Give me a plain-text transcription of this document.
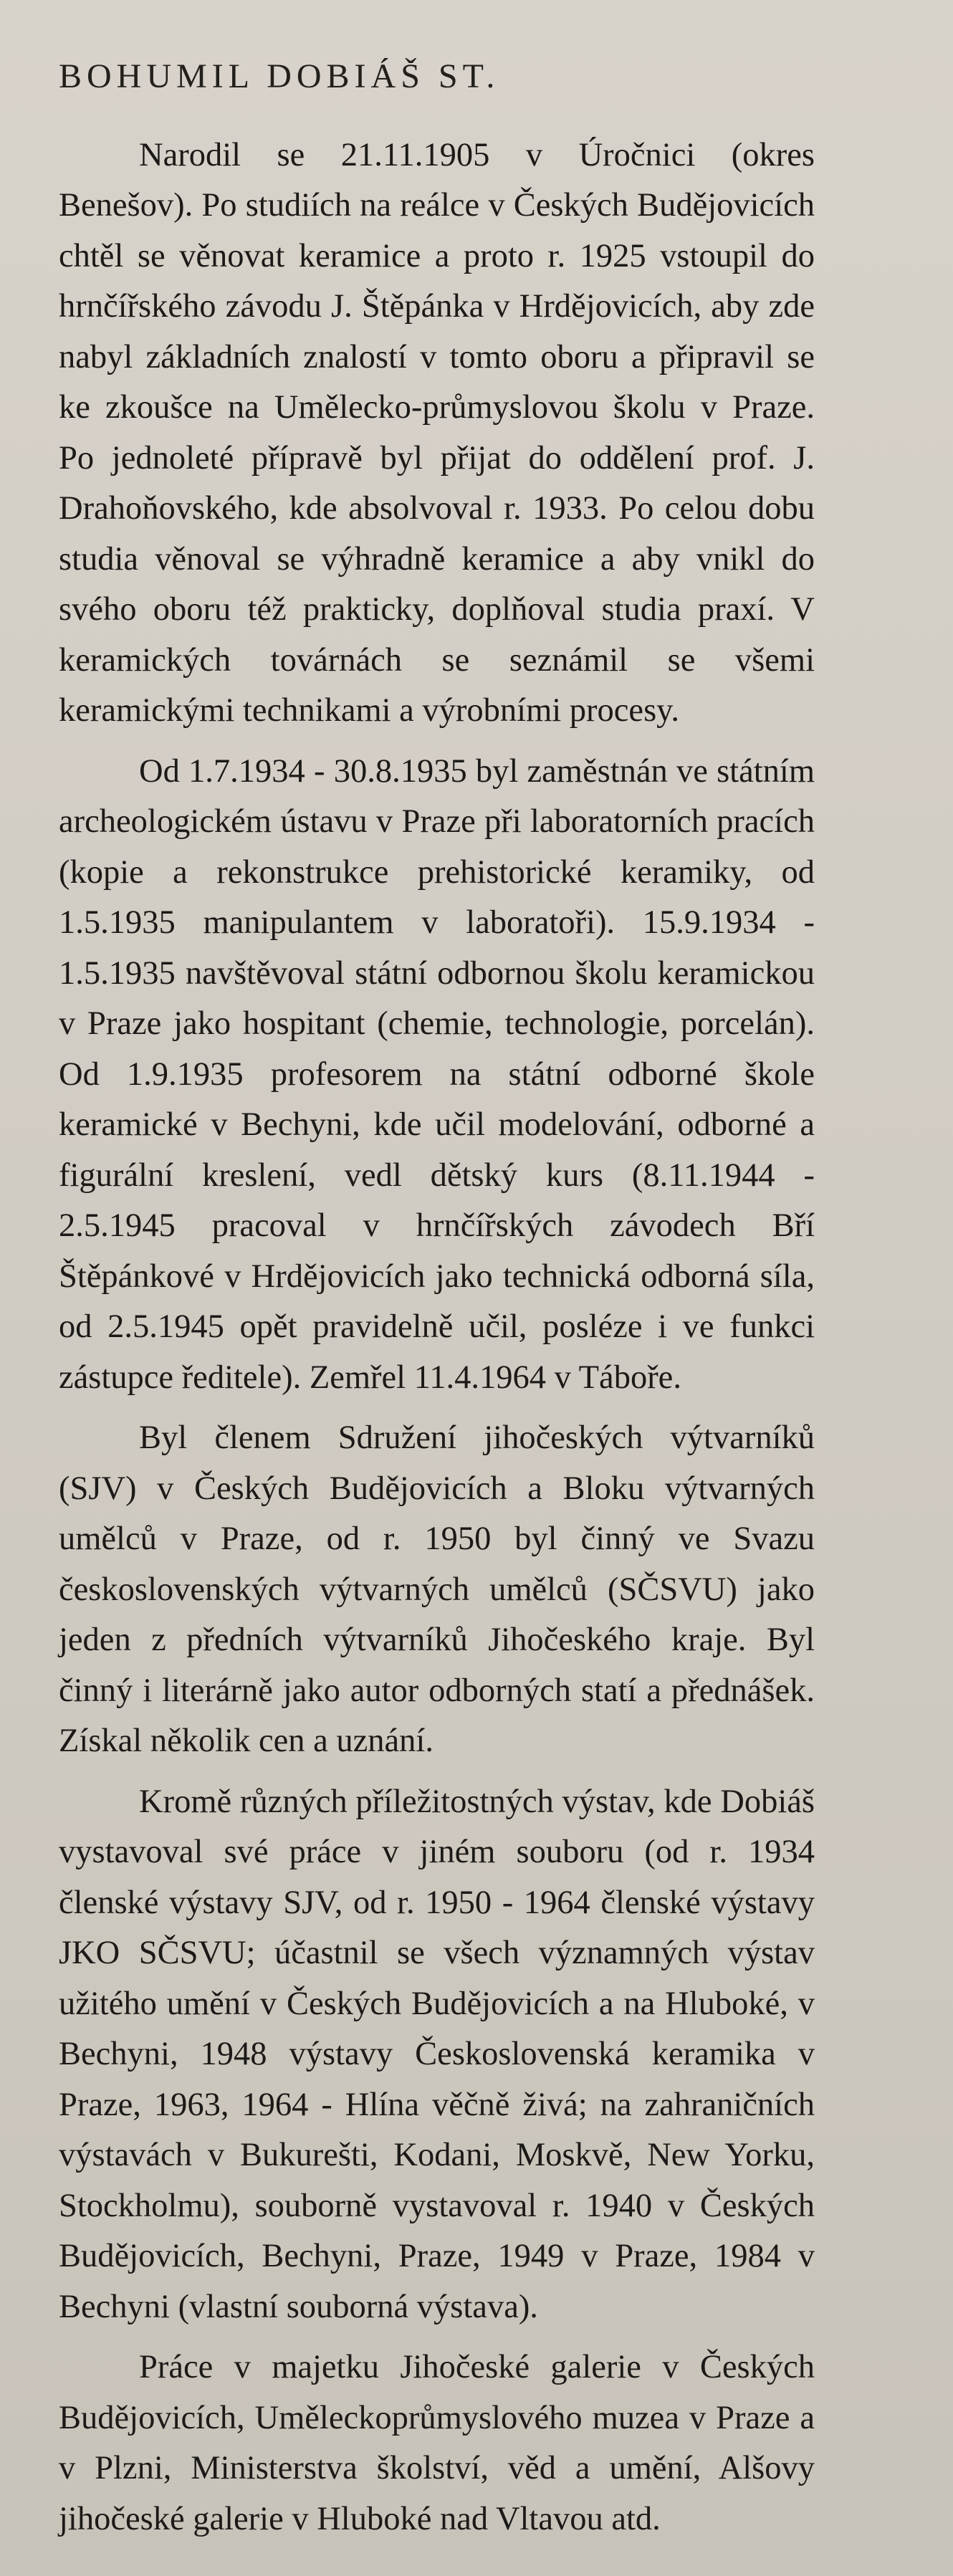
BOHUMIL DOBIÁŠ ST.

Narodil se 21.11.1905 v Úročnici (okres Benešov). Po studiích na reálce v Českých Budějovicích chtěl se věnovat keramice a proto r. 1925 vstoupil do hrnčířského závodu J. Štěpánka v Hrdějovicích, aby zde nabyl základních znalostí v tomto oboru a připravil se ke zkoušce na Umělecko-průmyslovou školu v Praze. Po jednoleté přípravě byl přijat do oddělení prof. J. Drahoňovského, kde absolvoval r. 1933. Po celou dobu studia věnoval se výhradně keramice a aby vnikl do svého oboru též prakticky, doplňoval studia praxí. V keramických továrnách se seznámil se všemi keramickými technikami a výrobními procesy.

Od 1.7.1934 - 30.8.1935 byl zaměstnán ve státním archeologickém ústavu v Praze při laboratorních pracích (kopie a rekonstrukce prehistorické keramiky, od 1.5.1935 manipulantem v laboratoři). 15.9.1934 - 1.5.1935 navštěvoval státní odbornou školu keramickou v Praze jako hospitant (chemie, technologie, porcelán). Od 1.9.1935 profesorem na státní odborné škole keramické v Bechyni, kde učil modelování, odborné a figurální kreslení, vedl dětský kurs (8.11.1944 - 2.5.1945 pracoval v hrnčířských závodech Bří Štěpánkové v Hrdějovicích jako technická odborná síla, od 2.5.1945 opět pravidelně učil, posléze i ve funkci zástupce ředitele). Zemřel 11.4.1964 v Táboře.

Byl členem Sdružení jihočeských výtvarníků (SJV) v Českých Budějovicích a Bloku výtvarných umělců v Praze, od r. 1950 byl činný ve Svazu československých výtvarných umělců (SČSVU) jako jeden z předních výtvarníků Jihočeského kraje. Byl činný i literárně jako autor odborných statí a přednášek. Získal několik cen a uznání.

Kromě různých příležitostných výstav, kde Dobiáš vystavoval své práce v jiném souboru (od r. 1934 členské výstavy SJV, od r. 1950 - 1964 členské výstavy JKO SČSVU; účastnil se všech významných výstav užitého umění v Českých Budějovicích a na Hluboké, v Bechyni, 1948 výstavy Československá keramika v Praze, 1963, 1964 - Hlína věčně živá; na zahraničních výstavách v Bukurešti, Kodani, Moskvě, New Yorku, Stockholmu), souborně vystavoval r. 1940 v Českých Budějovicích, Bechyni, Praze, 1949 v Praze, 1984 v Bechyni (vlastní souborná výstava).

Práce v majetku Jihočeské galerie v Českých Budějovicích, Uměleckoprůmyslového muzea v Praze a v Plzni, Ministerstva školství, věd a umění, Alšovy jihočeské galerie v Hluboké nad Vltavou atd.
